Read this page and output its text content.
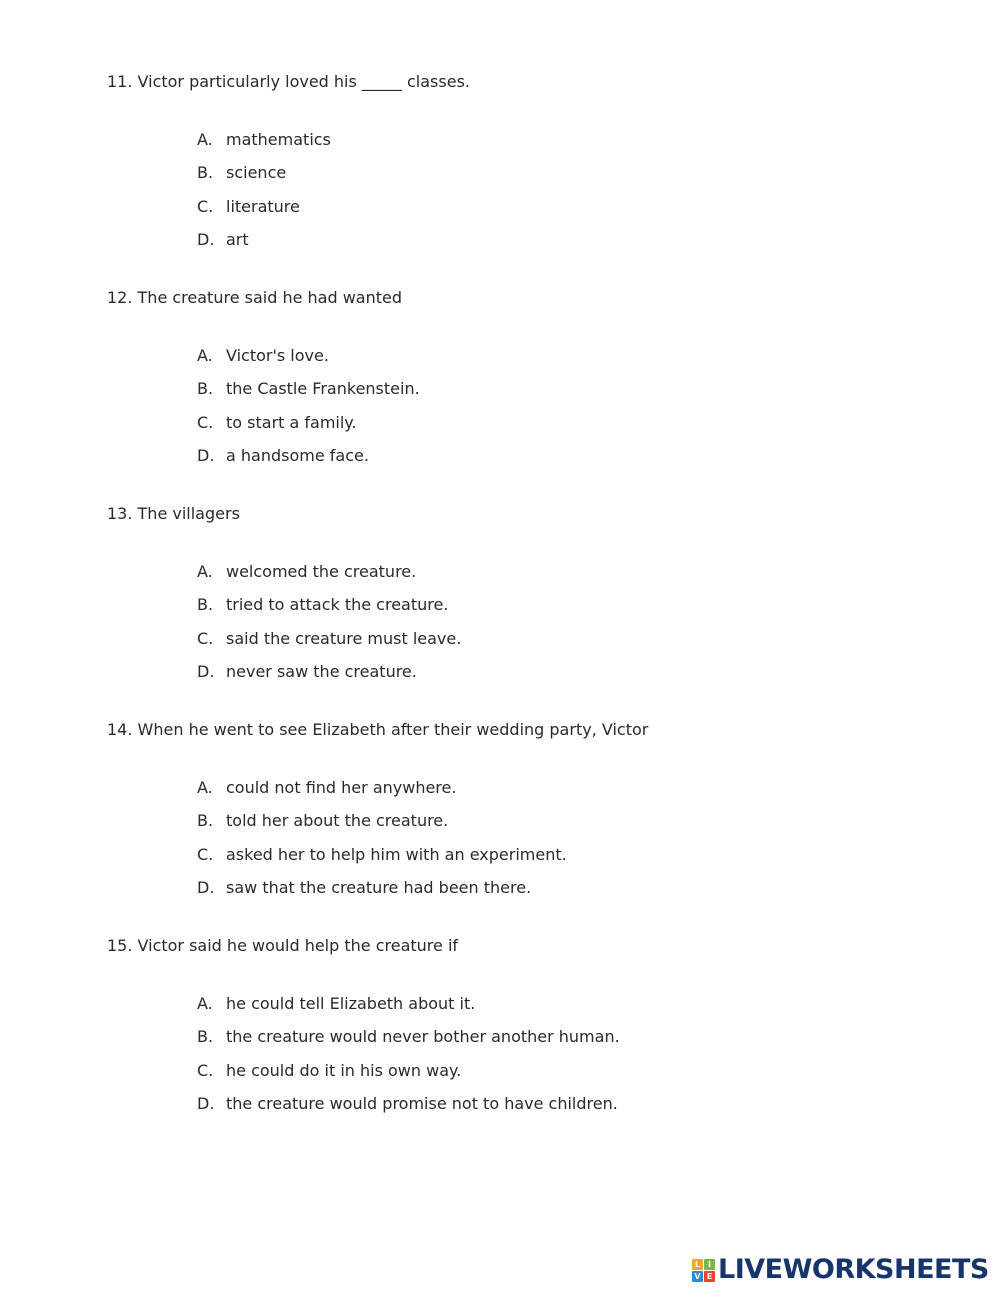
11. Victor particularly loved his _____ classes.
A. mathematics
B. science
C. literature
D. art
12. The creature said he had wanted
A. Victor's love.
B. the Castle Frankenstein.
C. to start a family.
D. a handsome face.
13. The villagers
A. welcomed the creature.
B. tried to attack the creature.
C. said the creature must leave.
D. never saw the creature.
14. When he went to see Elizabeth after their wedding party, Victor
A. could not find her anywhere.
B. told her about the creature.
C. asked her to help him with an experiment.
D. saw that the creature had been there.
15. Victor said he would help the creature if
A. he could tell Elizabeth about it.
B. the creature would never bother another human.
C. he could do it in his own way.
D. the creature would promise not to have children.
L I
V E LIVEWORKSHEETS
